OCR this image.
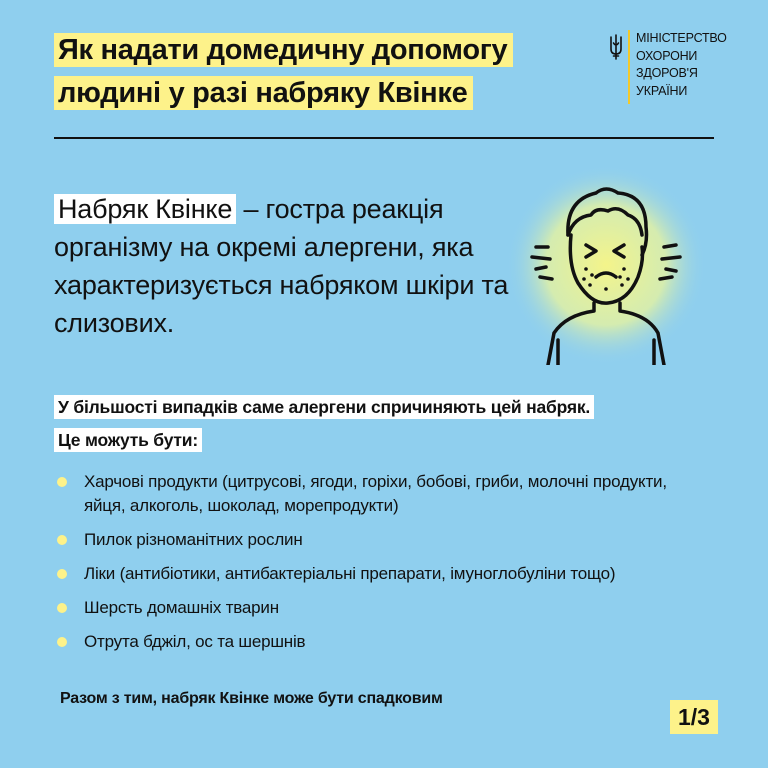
Як надати домедичну допомогу
людині у разі набряку Квінке
МІНІСТЕРСТВО
ОХОРОНИ
ЗДОРОВ'Я
УКРАЇНИ
Набряк Квінке – гостра реакція організму на окремі алергени, яка характеризується набряком шкіри та слизових.
У більшості випадків саме алергени спричиняють цей набряк.
Це можуть бути:
Харчові продукти (цитрусові, ягоди, горіхи, бобові, гриби, молочні продукти, яйця, алкоголь, шоколад, морепродукти)
Пилок різноманітних рослин
Ліки (антибіотики, антибактеріальні препарати, імуноглобуліни тощо)
Шерсть домашніх тварин
Отрута бджіл, ос та шершнів
Разом з тим, набряк Квінке може бути спадковим
1/3
